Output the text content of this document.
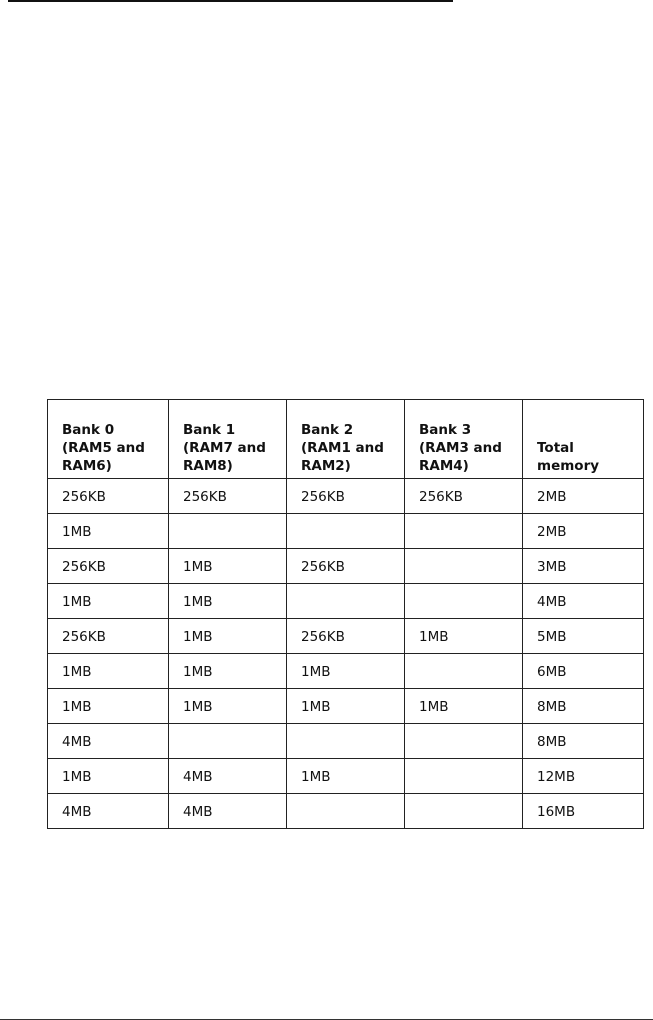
Bank 0
(RAM5 and
RAM6)	Bank 1
(RAM7 and
RAM8)	Bank 2
(RAM1 and
RAM2)	Bank 3
(RAM3 and
RAM4)	Total
memory

256KB	256KB	256KB	256KB	2MB
1MB				2MB
256KB	1MB	256KB		3MB
1MB	1MB			4MB
256KB	1MB	256KB	1MB	5MB
1MB	1MB	1MB		6MB
1MB	1MB	1MB	1MB	8MB
4MB				8MB
1MB	4MB	1MB		12MB
4MB	4MB			16MB
